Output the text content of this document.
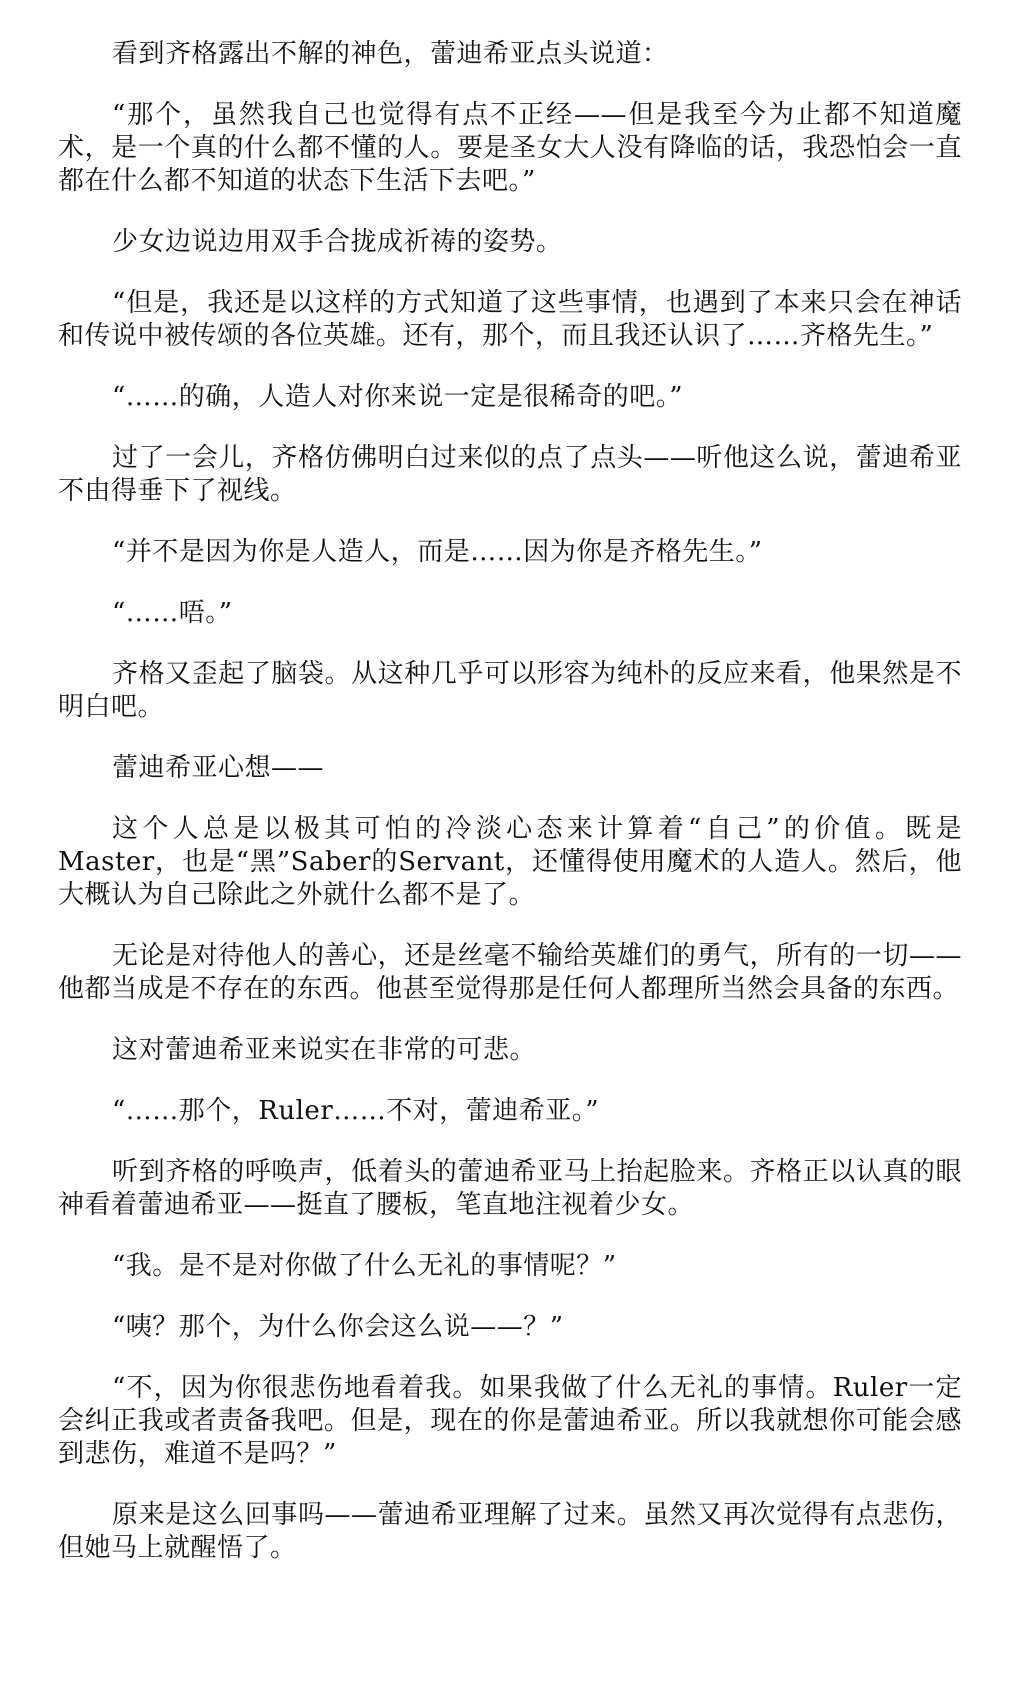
看到齐格露出不解的神色，蕾迪希亚点头说道：

“那个，虽然我自己也觉得有点不正经——但是我至今为止都不知道魔术，是一个真的什么都不懂的人。要是圣女大人没有降临的话，我恐怕会一直都在什么都不知道的状态下生活下去吧。”

少女边说边用双手合拢成祈祷的姿势。

“但是，我还是以这样的方式知道了这些事情，也遇到了本来只会在神话和传说中被传颂的各位英雄。还有，那个，而且我还认识了……齐格先生。”

“……的确，人造人对你来说一定是很稀奇的吧。”

过了一会儿，齐格仿佛明白过来似的点了点头——听他这么说，蕾迪希亚不由得垂下了视线。

“并不是因为你是人造人，而是……因为你是齐格先生。”

“……唔。”

齐格又歪起了脑袋。从这种几乎可以形容为纯朴的反应来看，他果然是不明白吧。

蕾迪希亚心想——

这个人总是以极其可怕的冷淡心态来计算着“自己”的价值。既是Master，也是“黑”Saber的Servant，还懂得使用魔术的人造人。然后，他大概认为自己除此之外就什么都不是了。

无论是对待他人的善心，还是丝毫不输给英雄们的勇气，所有的一切——他都当成是不存在的东西。他甚至觉得那是任何人都理所当然会具备的东西。

这对蕾迪希亚来说实在非常的可悲。

“……那个，Ruler……不对，蕾迪希亚。”

听到齐格的呼唤声，低着头的蕾迪希亚马上抬起脸来。齐格正以认真的眼神看着蕾迪希亚——挺直了腰板，笔直地注视着少女。

“我。是不是对你做了什么无礼的事情呢？”

“咦？那个，为什么你会这么说——？”

“不，因为你很悲伤地看着我。如果我做了什么无礼的事情。Ruler一定会纠正我或者责备我吧。但是，现在的你是蕾迪希亚。所以我就想你可能会感到悲伤，难道不是吗？”

原来是这么回事吗——蕾迪希亚理解了过来。虽然又再次觉得有点悲伤，但她马上就醒悟了。
